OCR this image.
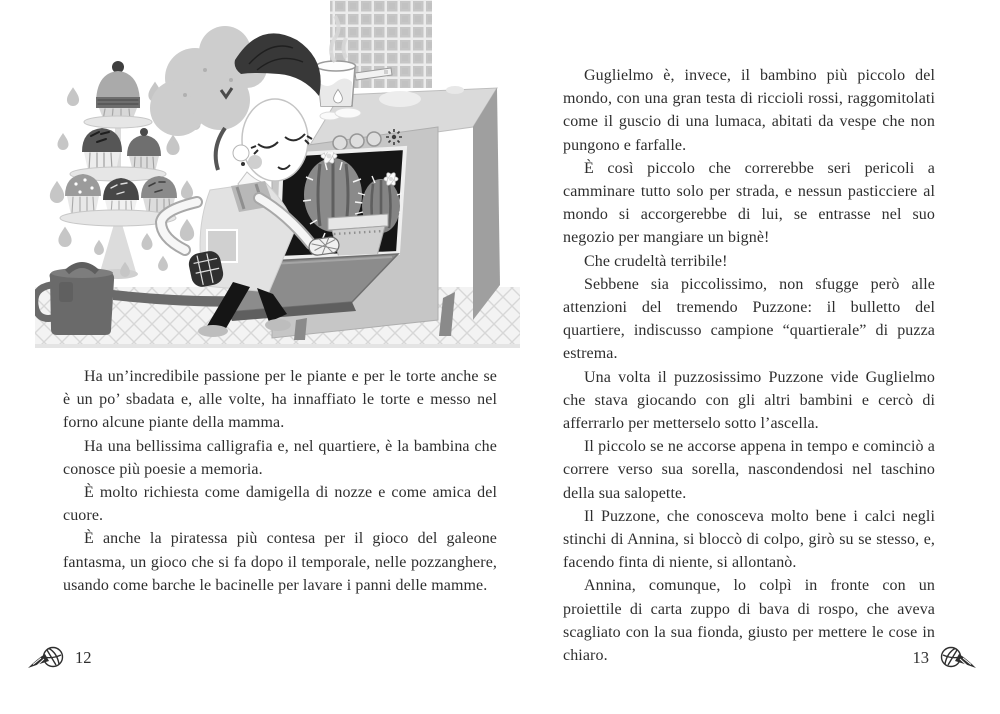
Ha un’incredibile passione per le piante e per le torte anche se è un po’ sbadata e, alle volte, ha innaffiato le torte e messo nel forno alcune piante della mamma.

Ha una bellissima calligrafia e, nel quartiere, è la bambina che conosce più poesie a memoria.

È molto richiesta come damigella di nozze e come amica del cuore.

È anche la piratessa più contesa per il gioco del galeone fantasma, un gioco che si fa dopo il temporale, nelle pozzanghere, usando come barche le bacinelle per lavare i panni delle mamme.

12

Guglielmo è, invece, il bambino più piccolo del mondo, con una gran testa di riccioli rossi, raggomitolati come il guscio di una lumaca, abitati da vespe che non pungono e farfalle.

È così piccolo che correrebbe seri pericoli a camminare tutto solo per strada, e nessun pasticciere al mondo si accorgerebbe di lui, se entrasse nel suo negozio per mangiare un bignè!

Che crudeltà terribile!

Sebbene sia piccolissimo, non sfugge però alle attenzioni del tremendo Puzzone: il bulletto del quartiere, indiscusso campione “quartierale” di puzza estrema.

Una volta il puzzosissimo Puzzone vide Guglielmo che stava giocando con gli altri bambini e cercò di afferrarlo per metterselo sotto l’ascella.

Il piccolo se ne accorse appena in tempo e cominciò a correre verso sua sorella, nascondendosi nel taschino della sua salopette.

Il Puzzone, che conosceva molto bene i calci negli stinchi di Annina, si bloccò di colpo, girò su se stesso, e, facendo finta di niente, si allontanò.

Annina, comunque, lo colpì in fronte con un proiettile di carta zuppo di bava di rospo, che aveva scagliato con la sua fionda, giusto per mettere le cose in chiaro.	13
